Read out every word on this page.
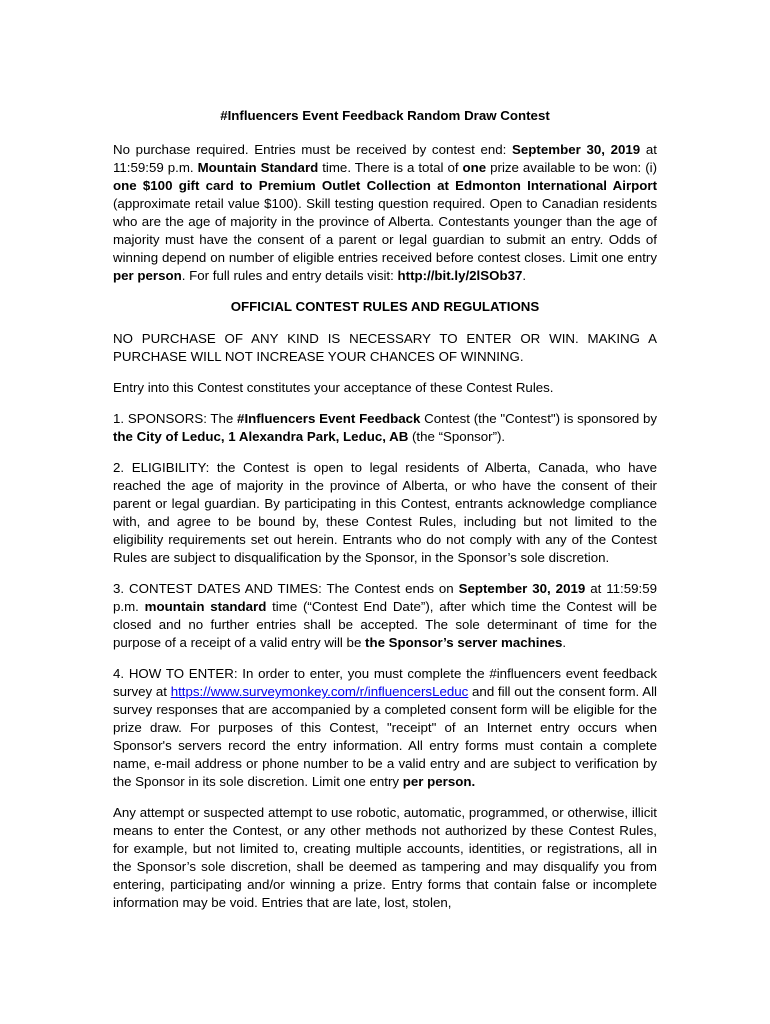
#Influencers Event Feedback Random Draw Contest

No purchase required. Entries must be received by contest end: September 30, 2019 at 11:59:59 p.m. Mountain Standard time. There is a total of one prize available to be won: (i) one $100 gift card to Premium Outlet Collection at Edmonton International Airport (approximate retail value $100). Skill testing question required. Open to Canadian residents who are the age of majority in the province of Alberta. Contestants younger than the age of majority must have the consent of a parent or legal guardian to submit an entry. Odds of winning depend on number of eligible entries received before contest closes. Limit one entry per person. For full rules and entry details visit: http://bit.ly/2lSOb37.

OFFICIAL CONTEST RULES AND REGULATIONS

NO PURCHASE OF ANY KIND IS NECESSARY TO ENTER OR WIN. MAKING A PURCHASE WILL NOT INCREASE YOUR CHANCES OF WINNING.

Entry into this Contest constitutes your acceptance of these Contest Rules.

1. SPONSORS: The #Influencers Event Feedback Contest (the "Contest") is sponsored by the City of Leduc, 1 Alexandra Park, Leduc, AB (the “Sponsor”).

2. ELIGIBILITY: the Contest is open to legal residents of Alberta, Canada, who have reached the age of majority in the province of Alberta, or who have the consent of their parent or legal guardian. By participating in this Contest, entrants acknowledge compliance with, and agree to be bound by, these Contest Rules, including but not limited to the eligibility requirements set out herein. Entrants who do not comply with any of the Contest Rules are subject to disqualification by the Sponsor, in the Sponsor’s sole discretion.

3. CONTEST DATES AND TIMES: The Contest ends on September 30, 2019 at 11:59:59 p.m. mountain standard time (“Contest End Date”), after which time the Contest will be closed and no further entries shall be accepted. The sole determinant of time for the purpose of a receipt of a valid entry will be the Sponsor’s server machines.

4. HOW TO ENTER: In order to enter, you must complete the #influencers event feedback survey at https://www.surveymonkey.com/r/influencersLeduc and fill out the consent form. All survey responses that are accompanied by a completed consent form will be eligible for the prize draw. For purposes of this Contest, "receipt" of an Internet entry occurs when Sponsor's servers record the entry information. All entry forms must contain a complete name, e-mail address or phone number to be a valid entry and are subject to verification by the Sponsor in its sole discretion. Limit one entry per person.

Any attempt or suspected attempt to use robotic, automatic, programmed, or otherwise, illicit means to enter the Contest, or any other methods not authorized by these Contest Rules, for example, but not limited to, creating multiple accounts, identities, or registrations, all in the Sponsor’s sole discretion, shall be deemed as tampering and may disqualify you from entering, participating and/or winning a prize. Entry forms that contain false or incomplete information may be void. Entries that are late, lost, stolen,
